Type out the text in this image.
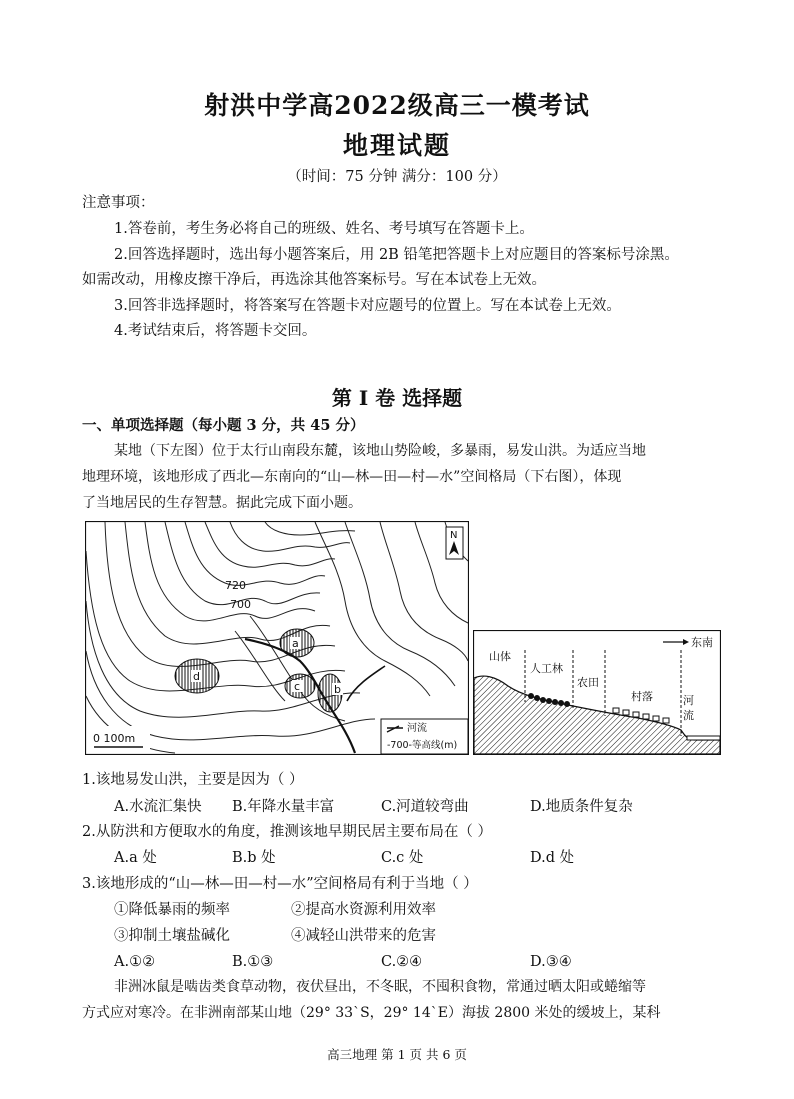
射洪中学高2022级高三一模考试
地理试题
（时间：75 分钟 满分：100 分）
注意事项：
1.答卷前，考生务必将自己的班级、姓名、考号填写在答题卡上。
2.回答选择题时，选出每小题答案后，用 2B 铅笔把答题卡上对应题目的答案标号涂黑。
如需改动，用橡皮擦干净后，再选涂其他答案标号。写在本试卷上无效。
3.回答非选择题时，将答案写在答题卡对应题号的位置上。写在本试卷上无效。
4.考试结束后，将答题卡交回。
第 I 卷 选择题
一、单项选择题（每小题 3 分，共 45 分）
某地（下左图）位于太行山南段东麓，该地山势险峻，多暴雨，易发山洪。为适应当地
地理环境，该地形成了西北—东南向的“山—林—田—村—水”空间格局（下右图），体现
了当地居民的生存智慧。据此完成下面小题。
a
b
c
d
720
700
N
0 100m
河流
-700-等高线(m)
东南
山体
人工林
农田
村落	河
流
1.该地易发山洪，主要是因为（ ）
A.水流汇集快 B.年降水量丰富	C.河道较弯曲	D.地质条件复杂
2.从防洪和方便取水的角度，推测该地早期民居主要布局在（ ）
A.a 处	B.b 处	C.c 处	D.d 处
3.该地形成的“山—林—田—村—水”空间格局有利于当地（ ）
①降低暴雨的频率	②提高水资源利用效率
③抑制土壤盐碱化	④减轻山洪带来的危害
A.①②	B.①③	C.②④	D.③④
非洲冰鼠是啮齿类食草动物，夜伏昼出，不冬眠，不囤积食物，常通过晒太阳或蜷缩等
方式应对寒冷。在非洲南部某山地（29° 33`S，29° 14`E）海拔 2800 米处的缓坡上，某科
高三地理 第 1 页 共 6 页
